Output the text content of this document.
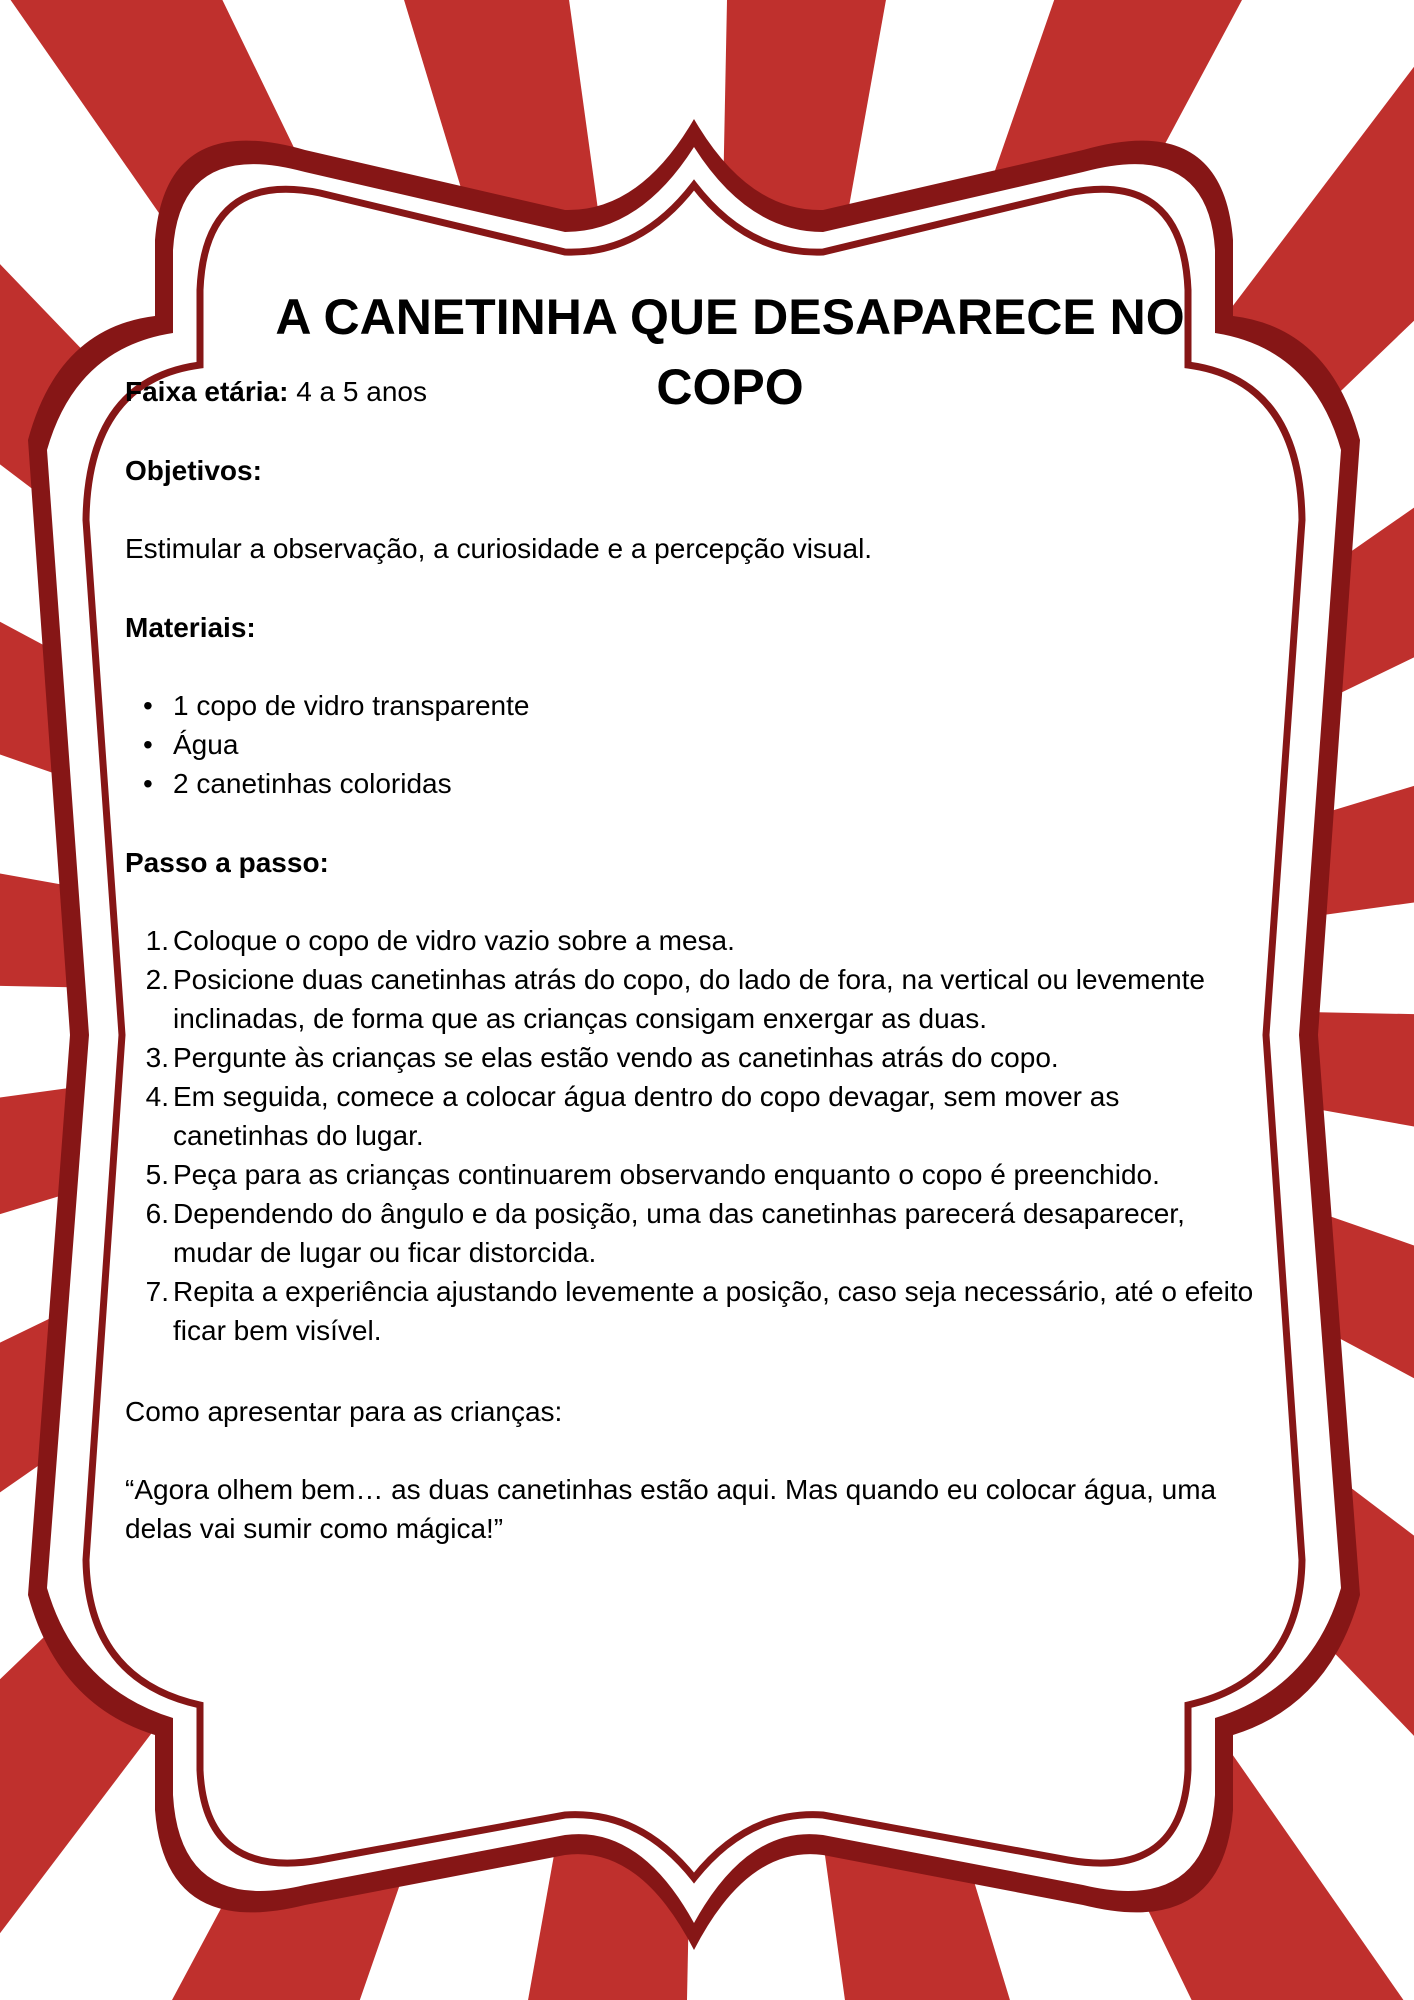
A CANETINHA QUE DESAPARECE NO COPO

Faixa etária: 4 a 5 anos

Objetivos:

Estimular a observação, a curiosidade e a percepção visual.

Materiais:

• 1 copo de vidro transparente
• Água
• 2 canetinhas coloridas

Passo a passo:

Coloque o copo de vidro vazio sobre a mesa.
Posicione duas canetinhas atrás do copo, do lado de fora, na vertical ou levemente inclinadas, de forma que as crianças consigam enxergar as duas.
Pergunte às crianças se elas estão vendo as canetinhas atrás do copo.
Em seguida, comece a colocar água dentro do copo devagar, sem mover as canetinhas do lugar.
Peça para as crianças continuarem observando enquanto o copo é preenchido.
Dependendo do ângulo e da posição, uma das canetinhas parecerá desaparecer, mudar de lugar ou ficar distorcida.
Repita a experiência ajustando levemente a posição, caso seja necessário, até o efeito ficar bem visível.

Como apresentar para as crianças:

“Agora olhem bem… as duas canetinhas estão aqui. Mas quando eu colocar água, uma delas vai sumir como mágica!”
